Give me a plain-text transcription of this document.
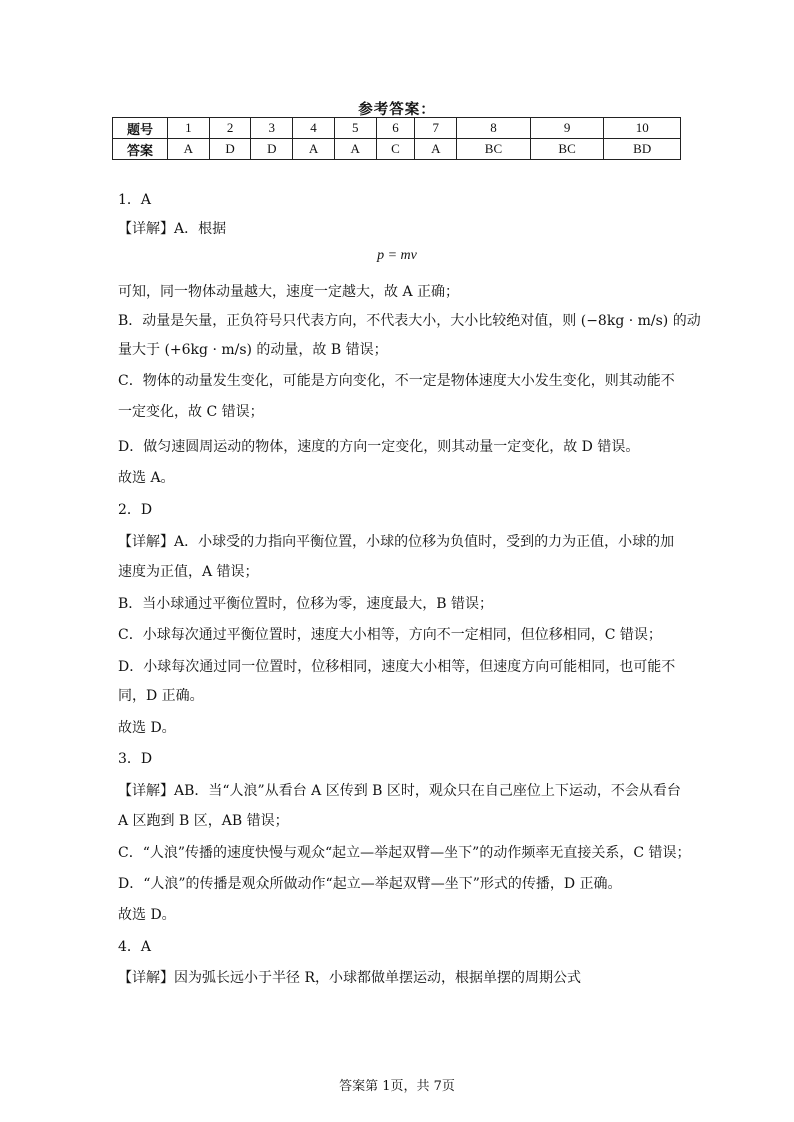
参考答案：
题号	1	2	3	4	5	6	7	8	9	10
答案	A	D	D	A	A	C	A	BC	BC	BD
1．A
【详解】A．根据
p = mv
可知，同一物体动量越大，速度一定越大，故 A 正确；
B．动量是矢量，正负符号只代表方向，不代表大小，大小比较绝对值，则 (−8kg · m/s) 的动
量大于 (+6kg · m/s) 的动量，故 B 错误；
C．物体的动量发生变化，可能是方向变化，不一定是物体速度大小发生变化，则其动能不
一定变化，故 C 错误；
D．做匀速圆周运动的物体，速度的方向一定变化，则其动量一定变化，故 D 错误。
故选 A。
2．D
【详解】A．小球受的力指向平衡位置，小球的位移为负值时，受到的力为正值，小球的加
速度为正值，A 错误；
B．当小球通过平衡位置时，位移为零，速度最大，B 错误；
C．小球每次通过平衡位置时，速度大小相等，方向不一定相同，但位移相同，C 错误；
D．小球每次通过同一位置时，位移相同，速度大小相等，但速度方向可能相同，也可能不
同，D 正确。
故选 D。
3．D
【详解】AB．当“人浪”从看台 A 区传到 B 区时，观众只在自己座位上下运动，不会从看台
A 区跑到 B 区，AB 错误；
C．“人浪”传播的速度快慢与观众“起立—举起双臂—坐下”的动作频率无直接关系，C 错误；
D．“人浪”的传播是观众所做动作“起立—举起双臂—坐下”形式的传播，D 正确。
故选 D。
4．A
【详解】因为弧长远小于半径 R，小球都做单摆运动，根据单摆的周期公式
答案第 1页，共 7页
